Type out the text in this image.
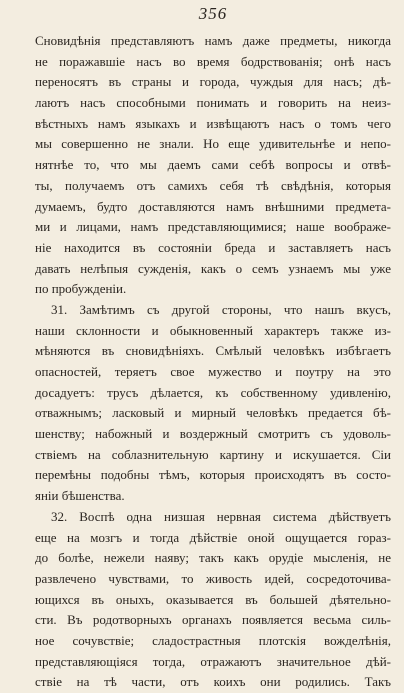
356
Сновидѣнія представляютъ намъ даже предметы, никогда
не поражавшіе насъ во время бодрствованія; онѣ насъ
переносятъ въ страны и города, чуждыя для насъ; дѣ-
лаютъ насъ способными понимать и говорить на неиз-
вѣстныхъ намъ языкахъ и извѣщаютъ насъ о томъ чего
мы совершенно не знали. Но еще удивительнѣе и непо-
нятнѣе то, что мы даемъ сами себѣ вопросы и отвѣ-
ты, получаемъ отъ самихъ себя тѣ свѣдѣнія, которыя
думаемъ, будто доставляются намъ внѣшними предмета-
ми и лицами, намъ представляющимися; наше воображе-
ніе находится въ состояніи бреда и заставляетъ насъ
давать нелѣпыя сужденія, какъ о семъ узнаемъ мы уже
по пробужденіи.
31. Замѣтимъ съ другой стороны, что нашъ вкусъ,
наши склонности и обыкновенный характеръ также из-
мѣняются въ сновидѣніяхъ. Смѣлый человѣкъ избѣгаетъ
опасностей, теряетъ свое мужество и поутру на это
досадуетъ: трусъ дѣлается, къ собственному удивленію,
отважнымъ; ласковый и мирный человѣкъ предается бѣ-
шенству; набожный и воздержный смотритъ съ удоволь-
ствіемъ на соблазнительную картину и искушается. Сіи
перемѣны подобны тѣмъ, которыя происходятъ въ состо-
яніи бѣшенства.
32. Воспѣ одна низшая нервная система дѣйствуетъ
еще на мозгъ и тогда дѣйствіе оной ощущается гораз-
до болѣе, нежели наяву; такъ какъ орудіе мысленія, не
развлечено чувствами, то живость идей, сосредоточива-
ющихся въ оныхъ, оказывается въ большей дѣятельно-
сти. Въ родотворныхъ органахъ появляется весьма силь-
ное сочувствіе; сладострастныя плотскія вожделѣнія,
представляющіяся тогда, отражаютъ значительное дѣй-
ствіе на тѣ части, отъ коихъ они родились. Такъ
